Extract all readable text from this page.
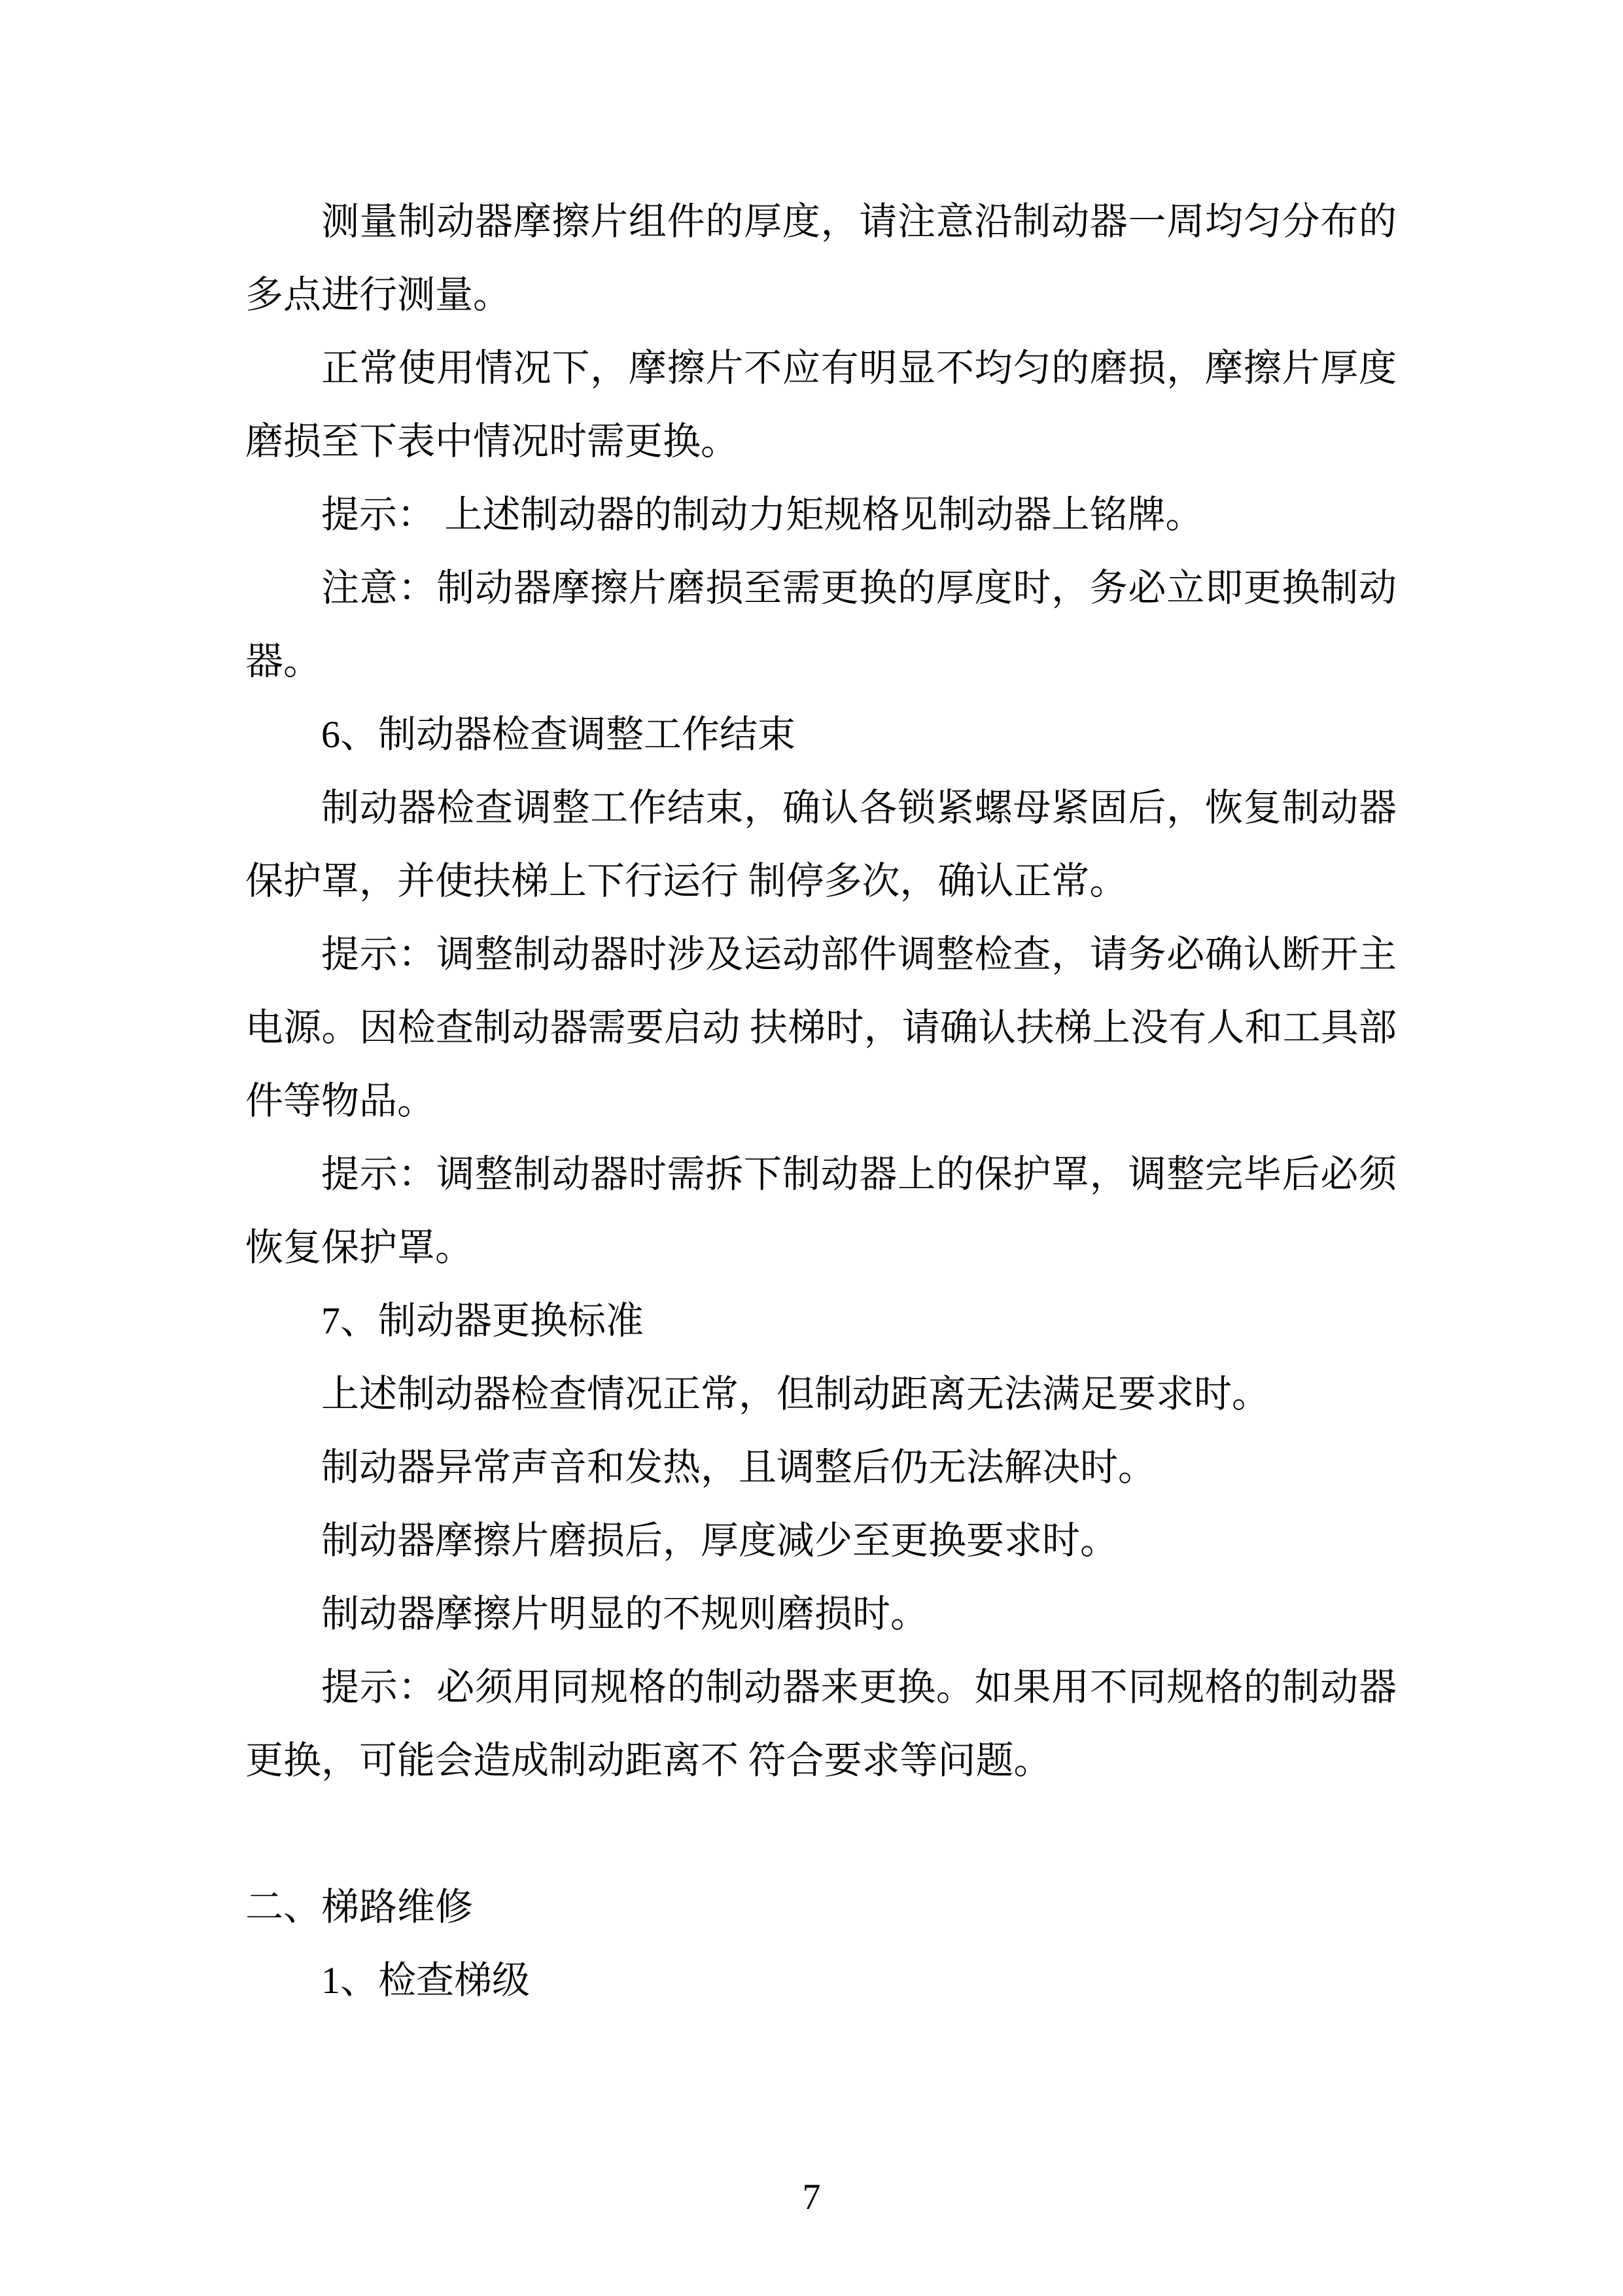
测量制动器摩擦片组件的厚度，请注意沿制动器一周均匀分布的多点进行测量。

正常使用情况下，摩擦片不应有明显不均匀的磨损，摩擦片厚度磨损至下表中情况时需更换。

提示： 上述制动器的制动力矩规格见制动器上铭牌。

注意：制动器摩擦片磨损至需更换的厚度时，务必立即更换制动器。

6、制动器检查调整工作结束

制动器检查调整工作结束，确认各锁紧螺母紧固后，恢复制动器保护罩，并使扶梯上下行运行 制停多次，确认正常。

提示：调整制动器时涉及运动部件调整检查，请务必确认断开主电源。因检查制动器需要启动 扶梯时，请确认扶梯上没有人和工具部件等物品。

提示：调整制动器时需拆下制动器上的保护罩，调整完毕后必须恢复保护罩。

7、制动器更换标准

上述制动器检查情况正常，但制动距离无法满足要求时。

制动器异常声音和发热，且调整后仍无法解决时。

制动器摩擦片磨损后，厚度减少至更换要求时。

制动器摩擦片明显的不规则磨损时。

提示：必须用同规格的制动器来更换。如果用不同规格的制动器更换，可能会造成制动距离不 符合要求等问题。

二、梯路维修

1、检查梯级

7
